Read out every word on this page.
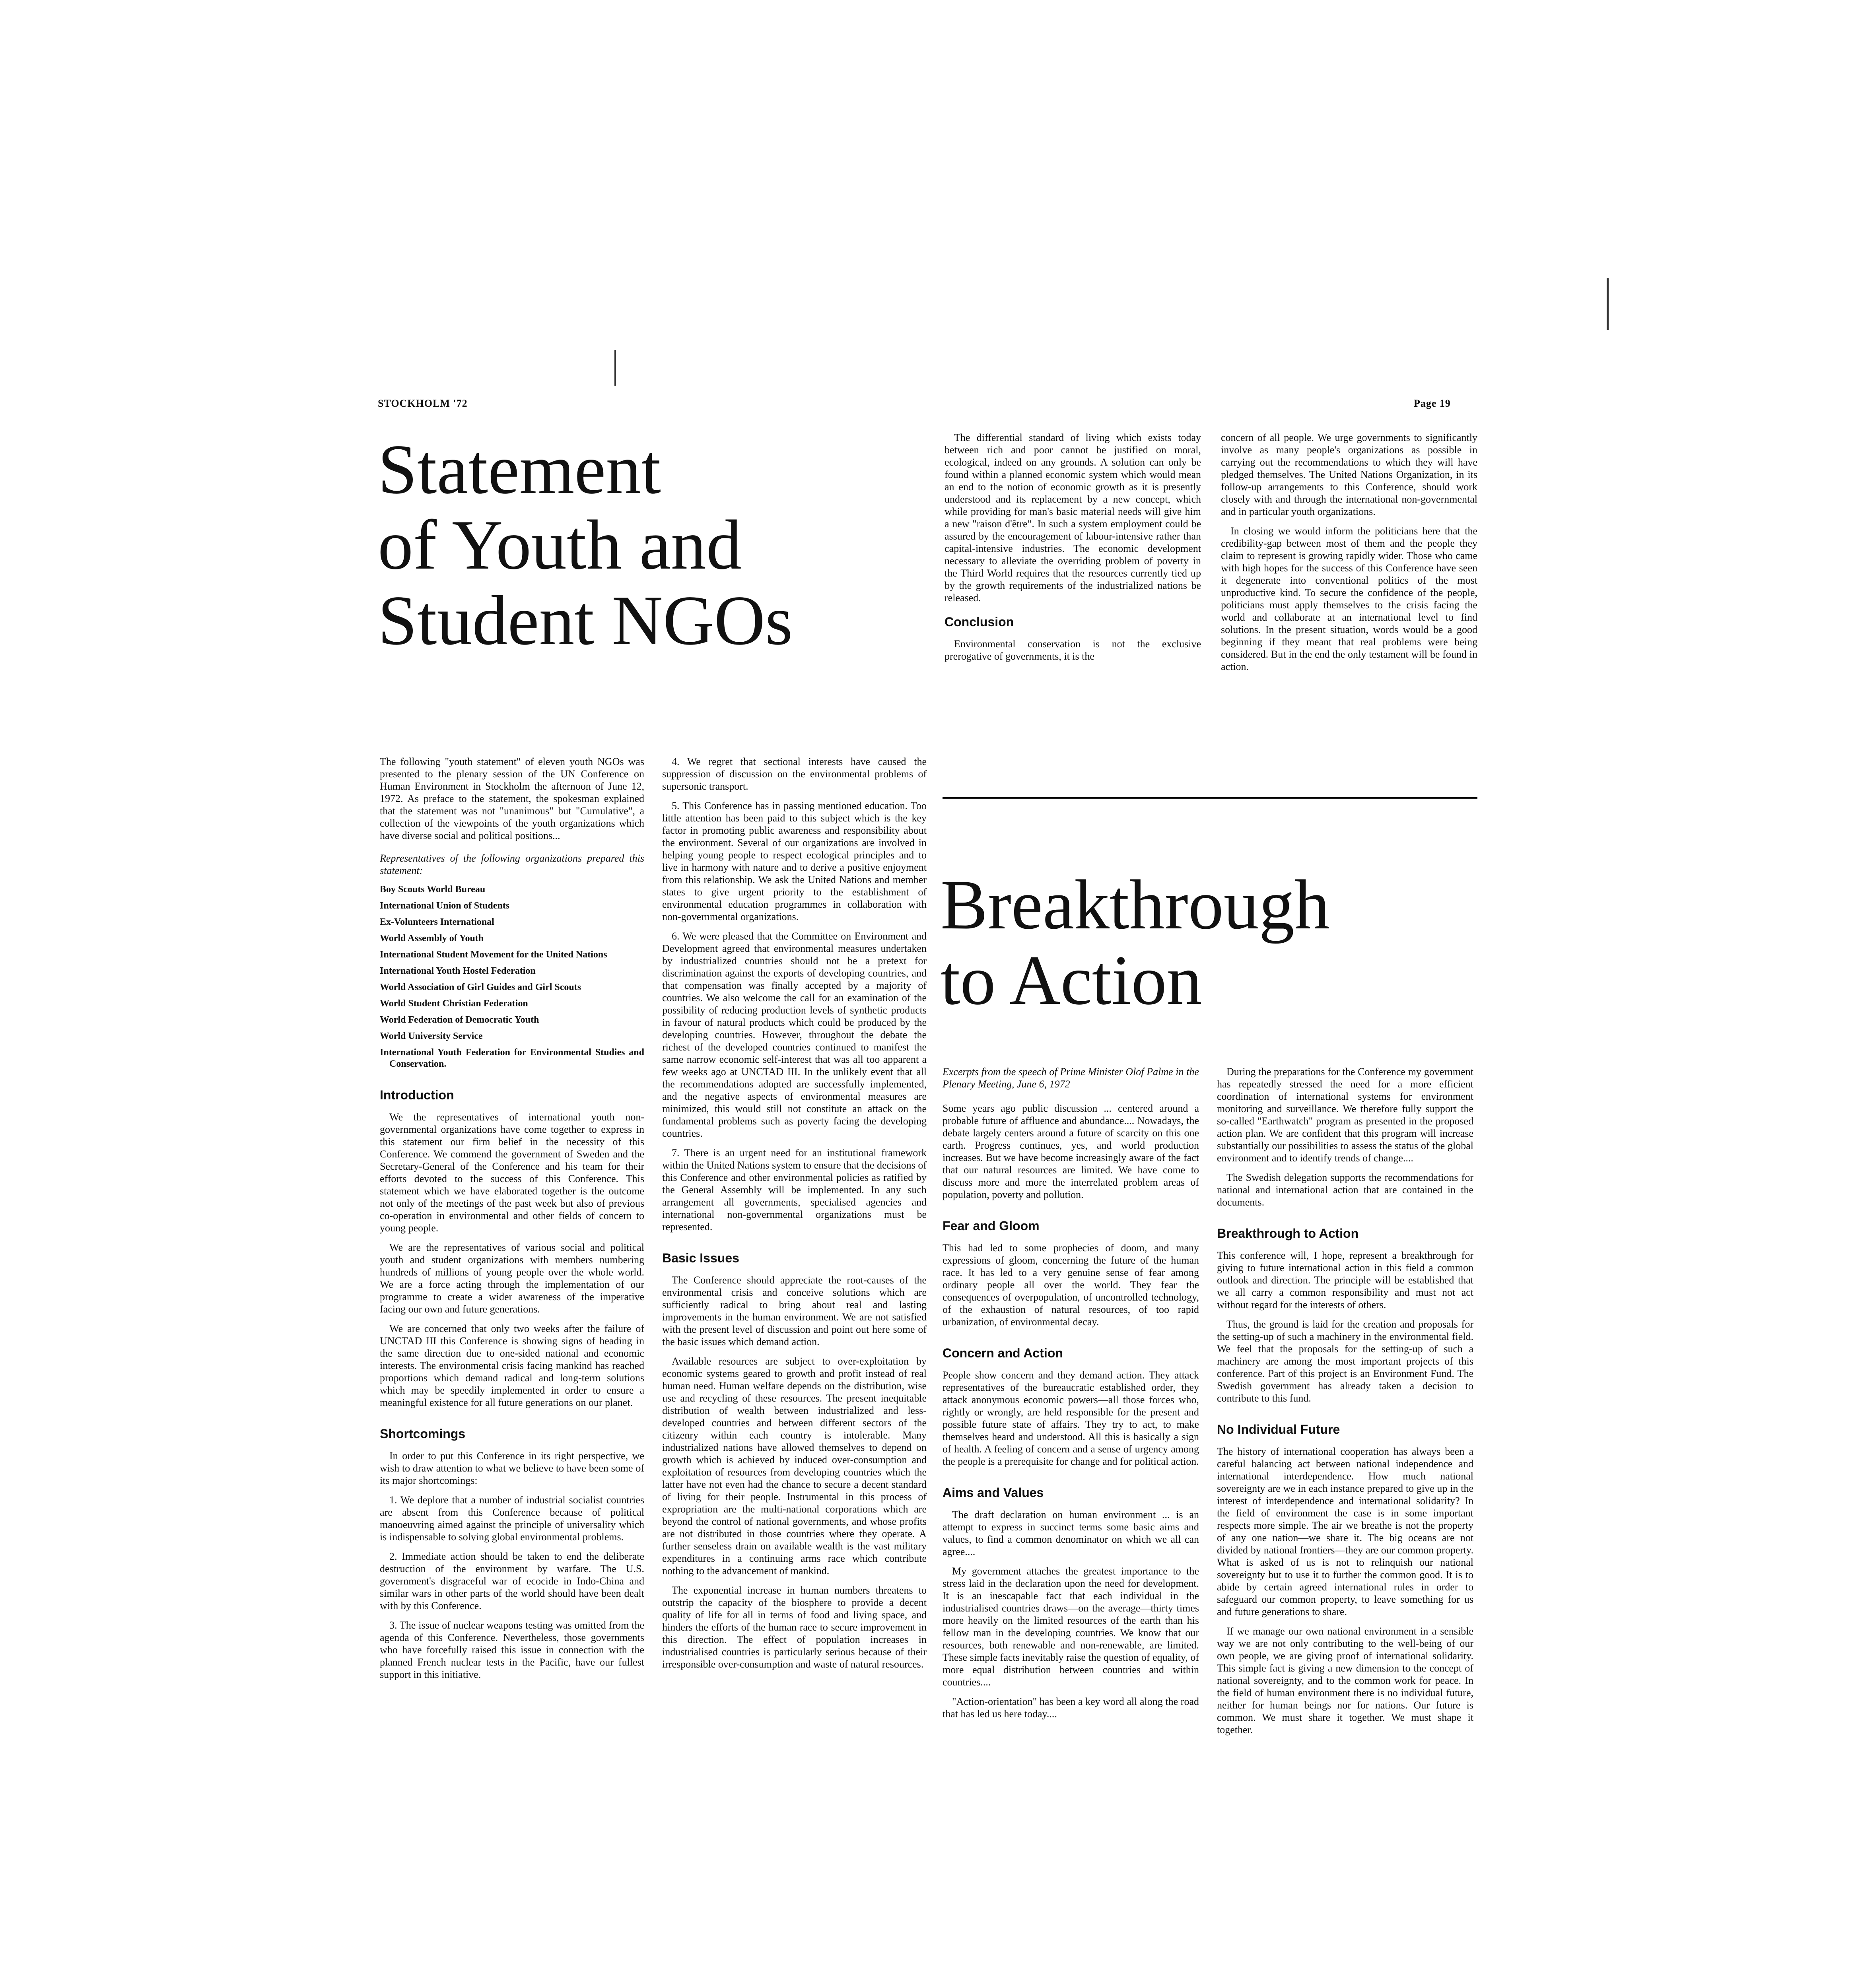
STOCKHOLM '72	Page 19
Statement
of Youth and
Student NGOs

The following "youth statement" of eleven youth NGOs was presented to the plenary session of the UN Conference on Human Environment in Stockholm the afternoon of June 12, 1972. As preface to the statement, the spokesman explained that the statement was not "unanimous" but "Cumulative", a collection of the viewpoints of the youth organizations which have diverse social and political positions...

Representatives of the following organizations prepared this statement:

Boy Scouts World Bureau
International Union of Students
Ex-Volunteers International
World Assembly of Youth
International Student Movement for the United Nations
International Youth Hostel Federation
World Association of Girl Guides and Girl Scouts
World Student Christian Federation
World Federation of Democratic Youth
World University Service
International Youth Federation for Environmental Studies and Conservation.
Introduction

We the representatives of international youth non-governmental organizations have come together to express in this statement our firm belief in the necessity of this Conference. We commend the government of Sweden and the Secretary-General of the Conference and his team for their efforts devoted to the success of this Conference. This statement which we have elaborated together is the outcome not only of the meetings of the past week but also of previous co-operation in environmental and other fields of concern to young people.

We are the representatives of various social and political youth and student organizations with members numbering hundreds of millions of young people over the whole world. We are a force acting through the implementation of our programme to create a wider awareness of the imperative facing our own and future generations.

We are concerned that only two weeks after the failure of UNCTAD III this Conference is showing signs of heading in the same direction due to one-sided national and economic interests. The environmental crisis facing mankind has reached proportions which demand radical and long-term solutions which may be speedily implemented in order to ensure a meaningful existence for all future generations on our planet.

Shortcomings

In order to put this Conference in its right perspective, we wish to draw attention to what we believe to have been some of its major shortcomings:

1. We deplore that a number of industrial socialist countries are absent from this Conference because of political manoeuvring aimed against the principle of universality which is indispensable to solving global environmental problems.

2. Immediate action should be taken to end the deliberate destruction of the environment by warfare. The U.S. government's disgraceful war of ecocide in Indo-China and similar wars in other parts of the world should have been dealt with by this Conference.

3. The issue of nuclear weapons testing was omitted from the agenda of this Conference. Nevertheless, those governments who have forcefully raised this issue in connection with the planned French nuclear tests in the Pacific, have our fullest support in this initiative.

4. We regret that sectional interests have caused the suppression of discussion on the environmental problems of supersonic transport.

5. This Conference has in passing mentioned education. Too little attention has been paid to this subject which is the key factor in promoting public awareness and responsibility about the environment. Several of our organizations are involved in helping young people to respect ecological principles and to live in harmony with nature and to derive a positive enjoyment from this relationship. We ask the United Nations and member states to give urgent priority to the establishment of environmental education programmes in collaboration with non-governmental organizations.

6. We were pleased that the Committee on Environment and Development agreed that environmental measures undertaken by industrialized countries should not be a pretext for discrimination against the exports of developing countries, and that compensation was finally accepted by a majority of countries. We also welcome the call for an examination of the possibility of reducing production levels of synthetic products in favour of natural products which could be produced by the developing countries. However, throughout the debate the richest of the developed countries continued to manifest the same narrow economic self-interest that was all too apparent a few weeks ago at UNCTAD III. In the unlikely event that all the recommendations adopted are successfully implemented, and the negative aspects of environmental measures are minimized, this would still not constitute an attack on the fundamental problems such as poverty facing the developing countries.

7. There is an urgent need for an institutional framework within the United Nations system to ensure that the decisions of this Conference and other environmental policies as ratified by the General Assembly will be implemented. In any such arrangement all governments, specialised agencies and international non-governmental organizations must be represented.

Basic Issues

The Conference should appreciate the root-causes of the environmental crisis and conceive solutions which are sufficiently radical to bring about real and lasting improvements in the human environment. We are not satisfied with the present level of discussion and point out here some of the basic issues which demand action.

Available resources are subject to over-exploitation by economic systems geared to growth and profit instead of real human need. Human welfare depends on the distribution, wise use and recycling of these resources. The present inequitable distribution of wealth between industrialized and less-developed countries and between different sectors of the citizenry within each country is intolerable. Many industrialized nations have allowed themselves to depend on growth which is achieved by induced over-consumption and exploitation of resources from developing countries which the latter have not even had the chance to secure a decent standard of living for their people. Instrumental in this process of expropriation are the multi-national corporations which are beyond the control of national governments, and whose profits are not distributed in those countries where they operate. A further senseless drain on available wealth is the vast military expenditures in a continuing arms race which contribute nothing to the advancement of mankind.

The exponential increase in human numbers threatens to outstrip the capacity of the biosphere to provide a decent quality of life for all in terms of food and living space, and hinders the efforts of the human race to secure improvement in this direction. The effect of population increases in industrialised countries is particularly serious because of their irresponsible over-consumption and waste of natural resources.

The differential standard of living which exists today between rich and poor cannot be justified on moral, ecological, indeed on any grounds. A solution can only be found within a planned economic system which would mean an end to the notion of economic growth as it is presently understood and its replacement by a new concept, which while providing for man's basic material needs will give him a new "raison d'être". In such a system employment could be assured by the encouragement of labour-intensive rather than capital-intensive industries. The economic development necessary to alleviate the overriding problem of poverty in the Third World requires that the resources currently tied up by the growth requirements of the industrialized nations be released.

Conclusion

Environmental conservation is not the exclusive prerogative of governments, it is the

concern of all people. We urge governments to significantly involve as many people's organizations as possible in carrying out the recommendations to which they will have pledged themselves. The United Nations Organization, in its follow-up arrangements to this Conference, should work closely with and through the international non-governmental and in particular youth organizations.

In closing we would inform the politicians here that the credibility-gap between most of them and the people they claim to represent is growing rapidly wider. Those who came with high hopes for the success of this Conference have seen it degenerate into conventional politics of the most unproductive kind. To secure the confidence of the people, politicians must apply themselves to the crisis facing the world and collaborate at an international level to find solutions. In the present situation, words would be a good beginning if they meant that real problems were being considered. But in the end the only testament will be found in action.

Breakthrough
to Action

Excerpts from the speech of Prime Minister Olof Palme in the Plenary Meeting, June 6, 1972

Some years ago public discussion ... centered around a probable future of affluence and abundance.... Nowadays, the debate largely centers around a future of scarcity on this one earth. Progress continues, yes, and world production increases. But we have become increasingly aware of the fact that our natural resources are limited. We have come to discuss more and more the interrelated problem areas of population, poverty and pollution.

Fear and Gloom

This had led to some prophecies of doom, and many expressions of gloom, concerning the future of the human race. It has led to a very genuine sense of fear among ordinary people all over the world. They fear the consequences of overpopulation, of uncontrolled technology, of the exhaustion of natural resources, of too rapid urbanization, of environmental decay.

Concern and Action

People show concern and they demand action. They attack representatives of the bureaucratic established order, they attack anonymous economic powers—all those forces who, rightly or wrongly, are held responsible for the present and possible future state of affairs. They try to act, to make themselves heard and understood. All this is basically a sign of health. A feeling of concern and a sense of urgency among the people is a prerequisite for change and for political action.

Aims and Values

The draft declaration on human environment ... is an attempt to express in succinct terms some basic aims and values, to find a common denominator on which we all can agree....

My government attaches the greatest importance to the stress laid in the declaration upon the need for development. It is an inescapable fact that each individual in the industrialised countries draws—on the average—thirty times more heavily on the limited resources of the earth than his fellow man in the developing countries. We know that our resources, both renewable and non-renewable, are limited. These simple facts inevitably raise the question of equality, of more equal distribution between countries and within countries....

"Action-orientation" has been a key word all along the road that has led us here today....

During the preparations for the Conference my government has repeatedly stressed the need for a more efficient coordination of international systems for environment monitoring and surveillance. We therefore fully support the so-called "Earthwatch" program as presented in the proposed action plan. We are confident that this program will increase substantially our possibilities to assess the status of the global environment and to identify trends of change....

The Swedish delegation supports the recommendations for national and international action that are contained in the documents.

Breakthrough to Action

This conference will, I hope, represent a breakthrough for giving to future international action in this field a common outlook and direction. The principle will be established that we all carry a common responsibility and must not act without regard for the interests of others.

Thus, the ground is laid for the creation and proposals for the setting-up of such a machinery in the environmental field. We feel that the proposals for the setting-up of such a machinery are among the most important projects of this conference. Part of this project is an Environment Fund. The Swedish government has already taken a decision to contribute to this fund.

No Individual Future

The history of international cooperation has always been a careful balancing act between national independence and international interdependence. How much national sovereignty are we in each instance prepared to give up in the interest of interdependence and international solidarity? In the field of environment the case is in some important respects more simple. The air we breathe is not the property of any one nation—we share it. The big oceans are not divided by national frontiers—they are our common property. What is asked of us is not to relinquish our national sovereignty but to use it to further the common good. It is to abide by certain agreed international rules in order to safeguard our common property, to leave something for us and future generations to share.

If we manage our own national environment in a sensible way we are not only contributing to the well-being of our own people, we are giving proof of international solidarity. This simple fact is giving a new dimension to the concept of national sovereignty, and to the common work for peace. In the field of human environment there is no individual future, neither for human beings nor for nations. Our future is common. We must share it together. We must shape it together.
